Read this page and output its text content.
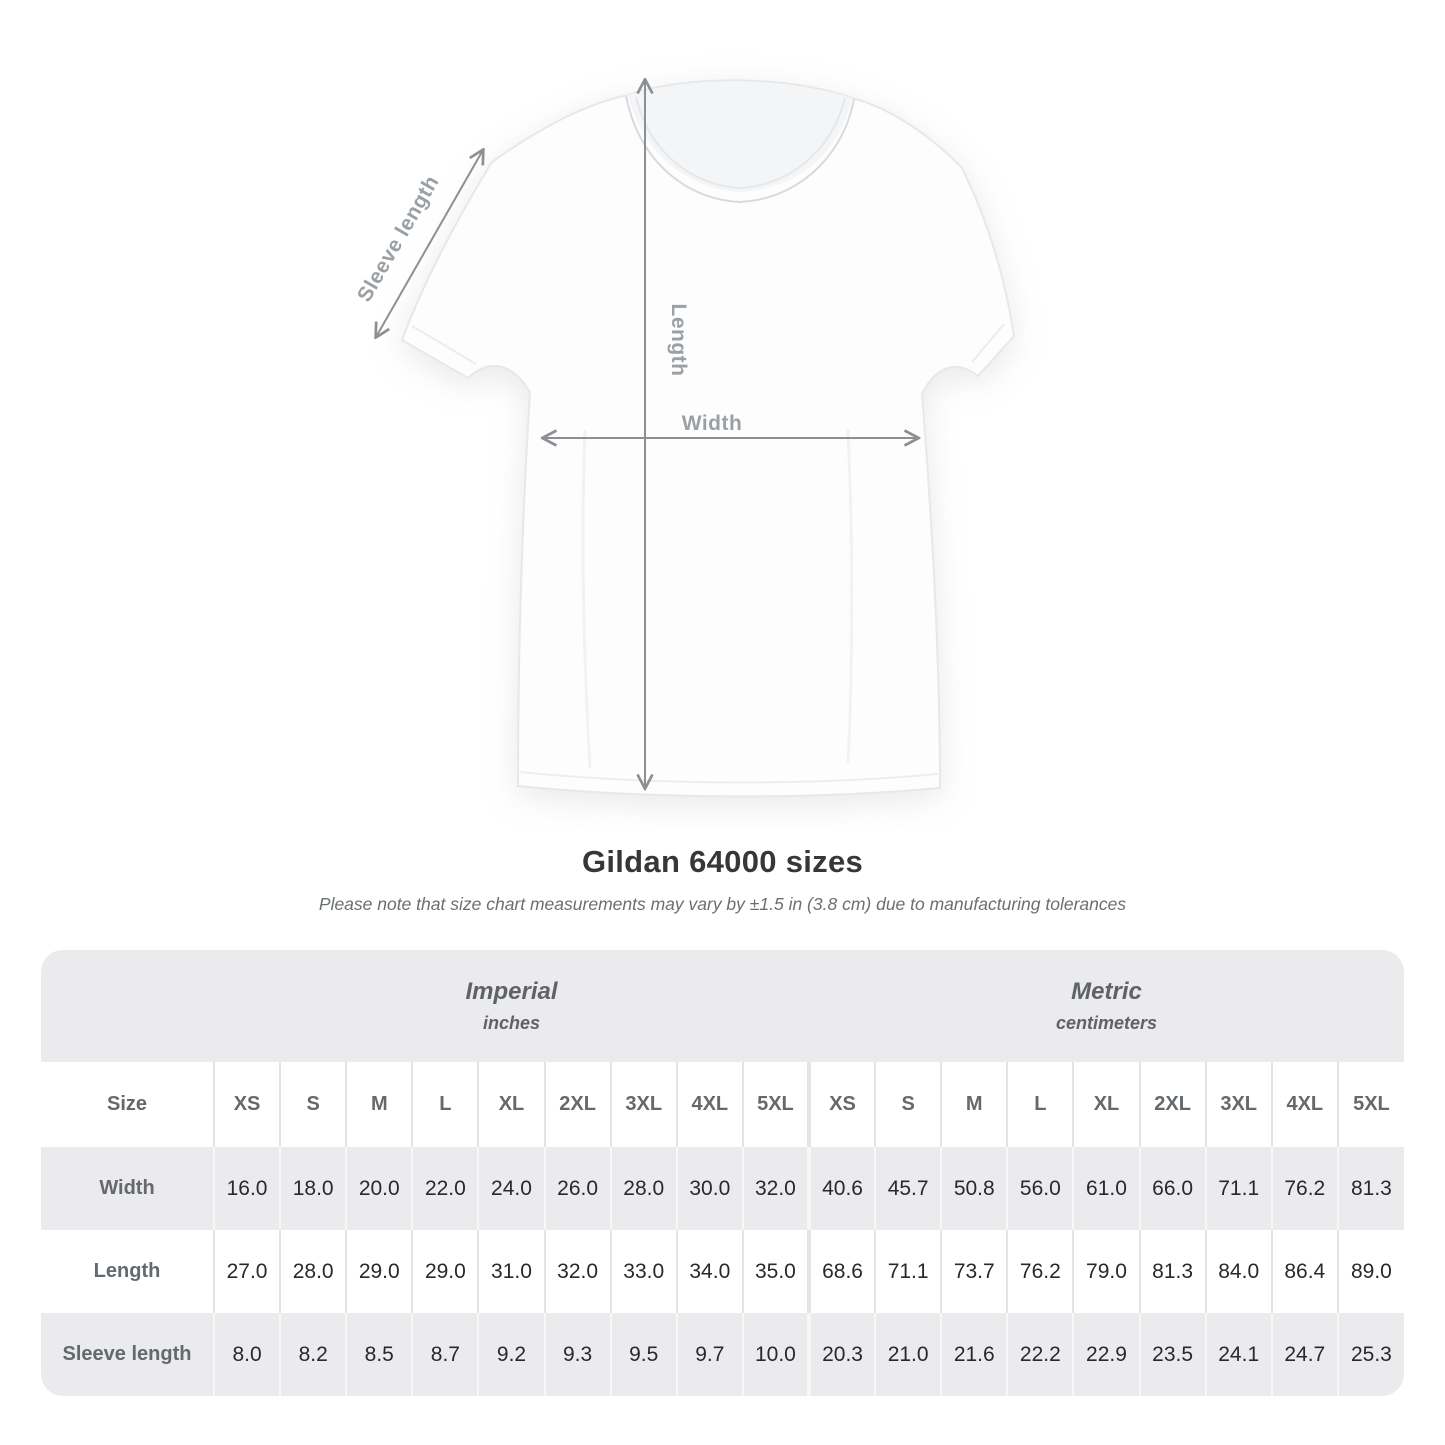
Sleeve length
Length
Width
Gildan 64000 sizes

Please note that size chart measurements may vary by ±1.5 in (3.8 cm) due to manufacturing tolerances

Imperial
inches

Metric
centimeters

Size	XS	S	M	L	XL	2XL	3XL	4XL	5XL	XS	S	M	L	XL	2XL	3XL	4XL	5XL
Width	16.0	18.0	20.0	22.0	24.0	26.0	28.0	30.0	32.0	40.6	45.7	50.8	56.0	61.0	66.0	71.1	76.2	81.3
Length	27.0	28.0	29.0	29.0	31.0	32.0	33.0	34.0	35.0	68.6	71.1	73.7	76.2	79.0	81.3	84.0	86.4	89.0
Sleeve length	8.0	8.2	8.5	8.7	9.2	9.3	9.5	9.7	10.0	20.3	21.0	21.6	22.2	22.9	23.5	24.1	24.7	25.3
